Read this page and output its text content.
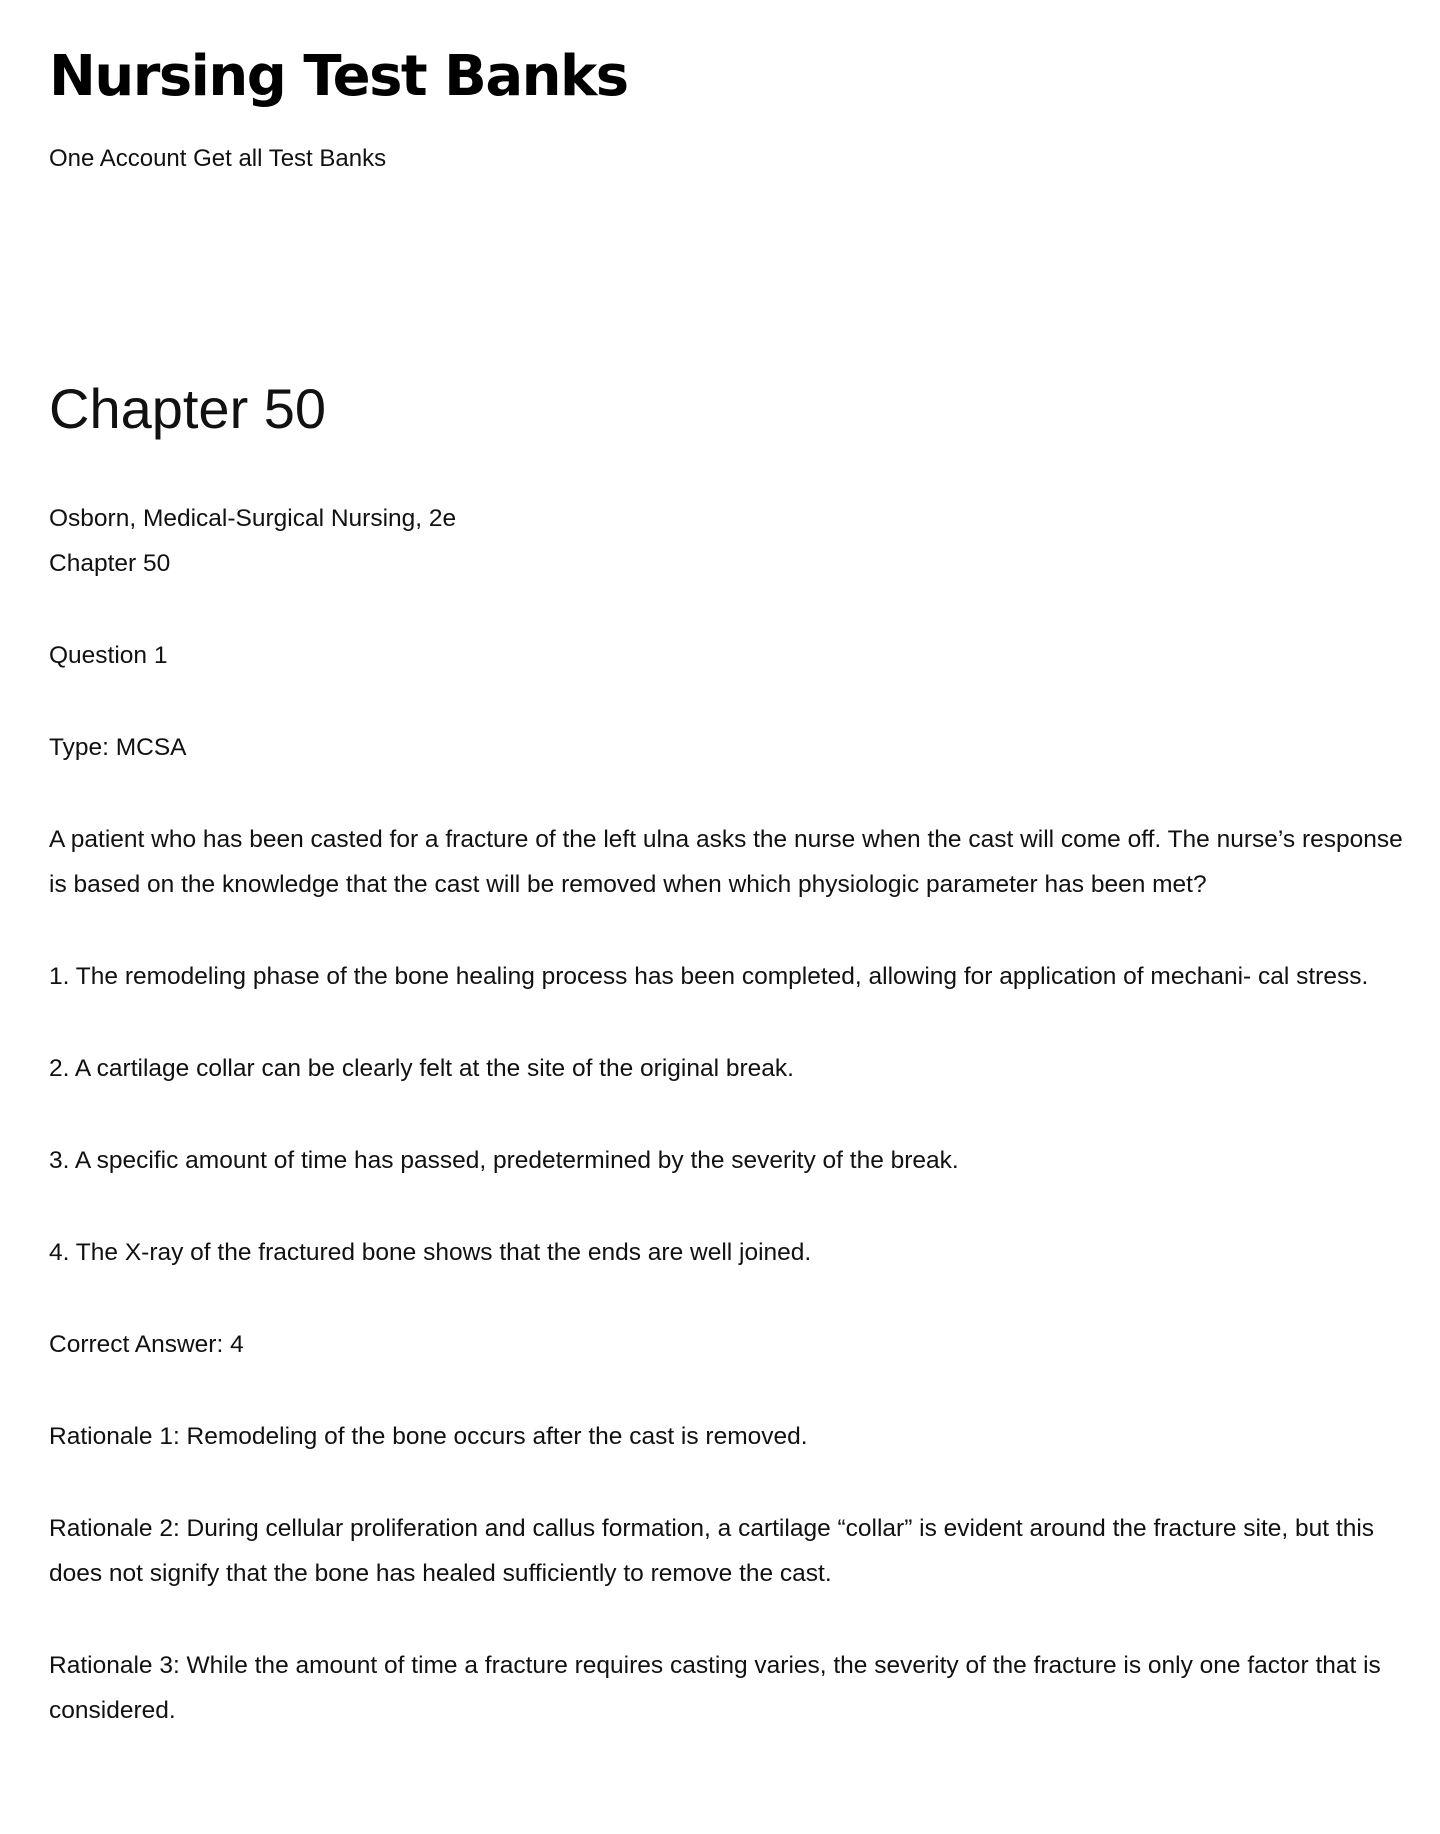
Nursing Test Banks

One Account Get all Test Banks

Chapter 50

Osborn, Medical-Surgical Nursing, 2e

Chapter 50

Question 1

Type: MCSA

A patient who has been casted for a fracture of the left ulna asks the nurse when the cast will come off. The nurse’s response is based on the knowledge that the cast will be removed when which physiologic parameter has been met?

1. The remodeling phase of the bone healing process has been completed, allowing for application of mechani- cal stress.

2. A cartilage collar can be clearly felt at the site of the original break.

3. A specific amount of time has passed, predetermined by the severity of the break.

4. The X-ray of the fractured bone shows that the ends are well joined.

Correct Answer: 4

Rationale 1: Remodeling of the bone occurs after the cast is removed.

Rationale 2: During cellular proliferation and callus formation, a cartilage “collar” is evident around the fracture site, but this does not signify that the bone has healed sufficiently to remove the cast.

Rationale 3: While the amount of time a fracture requires casting varies, the severity of the fracture is only one factor that is considered.
